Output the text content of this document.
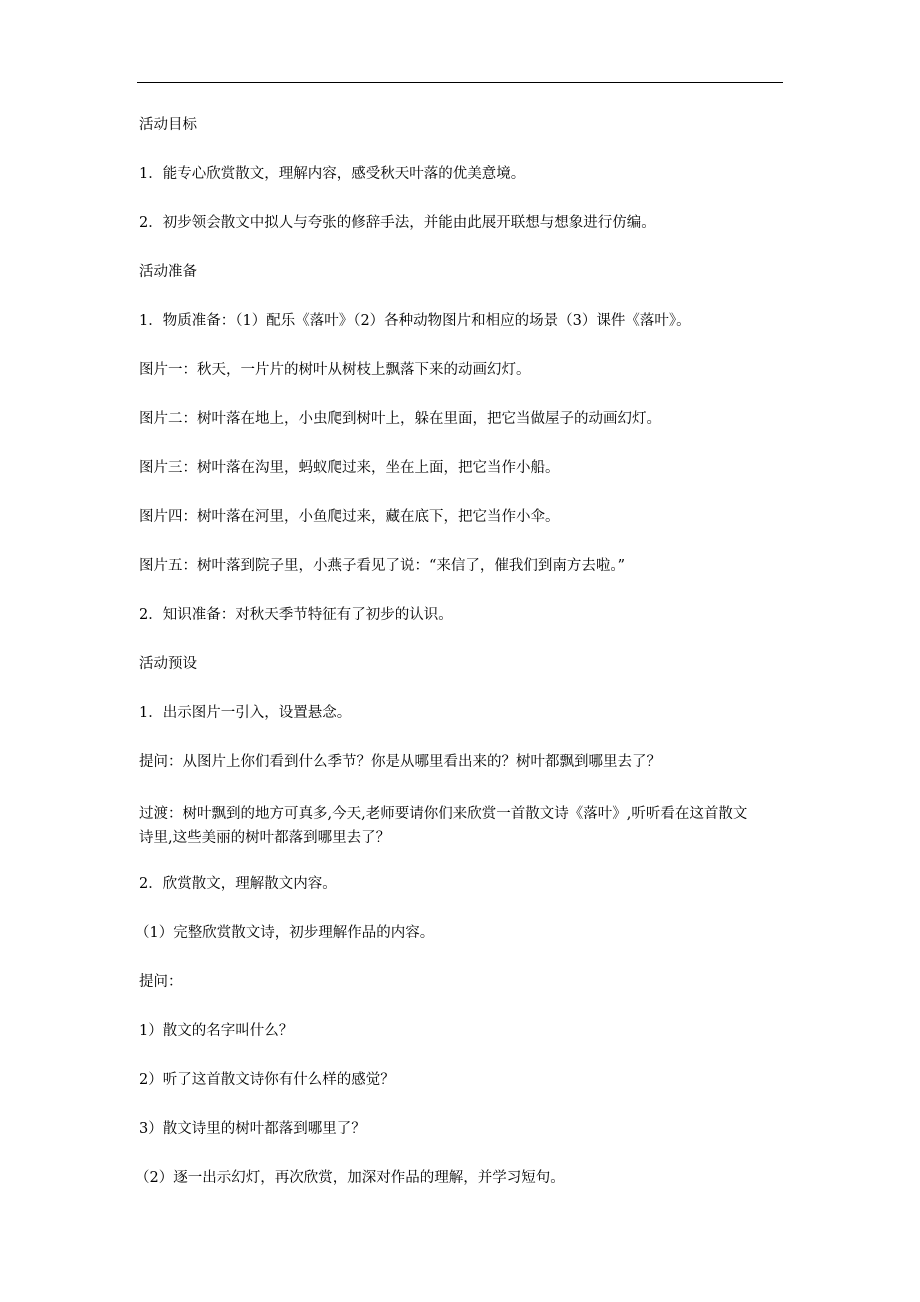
活动目标

1．能专心欣赏散文，理解内容，感受秋天叶落的优美意境。

2．初步领会散文中拟人与夸张的修辞手法，并能由此展开联想与想象进行仿编。

活动准备

1．物质准备：（1）配乐《落叶》（2）各种动物图片和相应的场景（3）课件《落叶》。

图片一：秋天，一片片的树叶从树枝上飘落下来的动画幻灯。

图片二：树叶落在地上，小虫爬到树叶上，躲在里面，把它当做屋子的动画幻灯。

图片三：树叶落在沟里，蚂蚁爬过来，坐在上面，把它当作小船。

图片四：树叶落在河里，小鱼爬过来，藏在底下，把它当作小伞。

图片五：树叶落到院子里，小燕子看见了说：“来信了，催我们到南方去啦。”

2．知识准备：对秋天季节特征有了初步的认识。

活动预设

1．出示图片一引入，设置悬念。

提问：从图片上你们看到什么季节？你是从哪里看出来的？树叶都飘到哪里去了？

过渡：树叶飘到的地方可真多,今天,老师要请你们来欣赏一首散文诗《落叶》,听听看在这首散文诗里,这些美丽的树叶都落到哪里去了？

2．欣赏散文，理解散文内容。

（1）完整欣赏散文诗，初步理解作品的内容。

提问：

1）散文的名字叫什么？

2）听了这首散文诗你有什么样的感觉？

3）散文诗里的树叶都落到哪里了？

（2）逐一出示幻灯，再次欣赏，加深对作品的理解，并学习短句。
